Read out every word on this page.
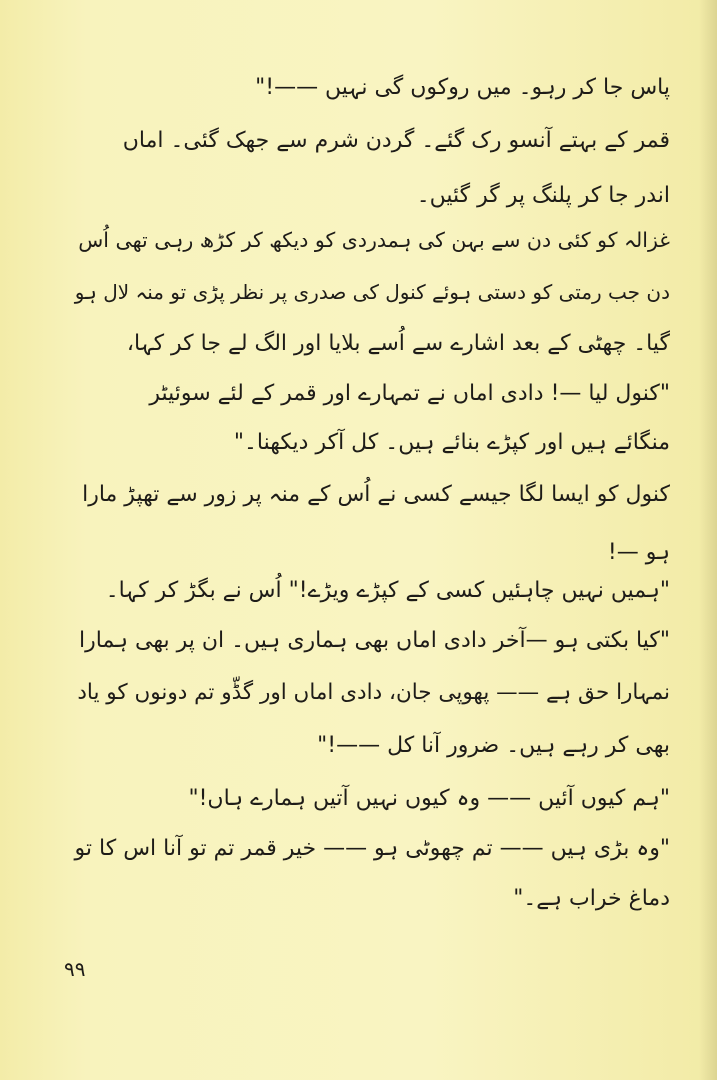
پاس جا کر رہو۔ میں روکوں گی نہیں ——!"
قمر کے بہتے آنسو رک گئے۔ گردن شرم سے جھک گئی۔ اماں
اندر جا کر پلنگ پر گر گئیں۔
غزالہ کو کئی دن سے بہن کی ہمدردی کو دیکھ کر کڑھ رہی تھی اُس
دن جب رمتی کو دستی ہوئے کنول کی صدری پر نظر پڑی تو منہ لال ہو
گیا۔ چھٹی کے بعد اشارے سے اُسے بلایا اور الگ لے جا کر کہا،
"کنول لیا —! دادی اماں نے تمہارے اور قمر کے لئے سوئیٹر
منگائے ہیں اور کپڑے بنائے ہیں۔ کل آکر دیکھنا۔"
کنول کو ایسا لگا جیسے کسی نے اُس کے منہ پر زور سے تھپڑ مارا
ہو —!
"ہمیں نہیں چاہئیں کسی کے کپڑے ویڑے!" اُس نے بگڑ کر کہا۔
"کیا بکتی ہو —آخر دادی اماں بھی ہماری ہیں۔ ان پر بھی ہمارا
نمہارا حق ہے —— پھوپی جان، دادی اماں اور گڈّو تم دونوں کو یاد
بھی کر رہے ہیں۔ ضرور آنا کل ——!"
"ہم کیوں آئیں —— وہ کیوں نہیں آتیں ہمارے ہاں!"
"وہ بڑی ہیں —— تم چھوٹی ہو —— خیر قمر تم تو آنا اس کا تو
دماغ خراب ہے۔"
۹۹
